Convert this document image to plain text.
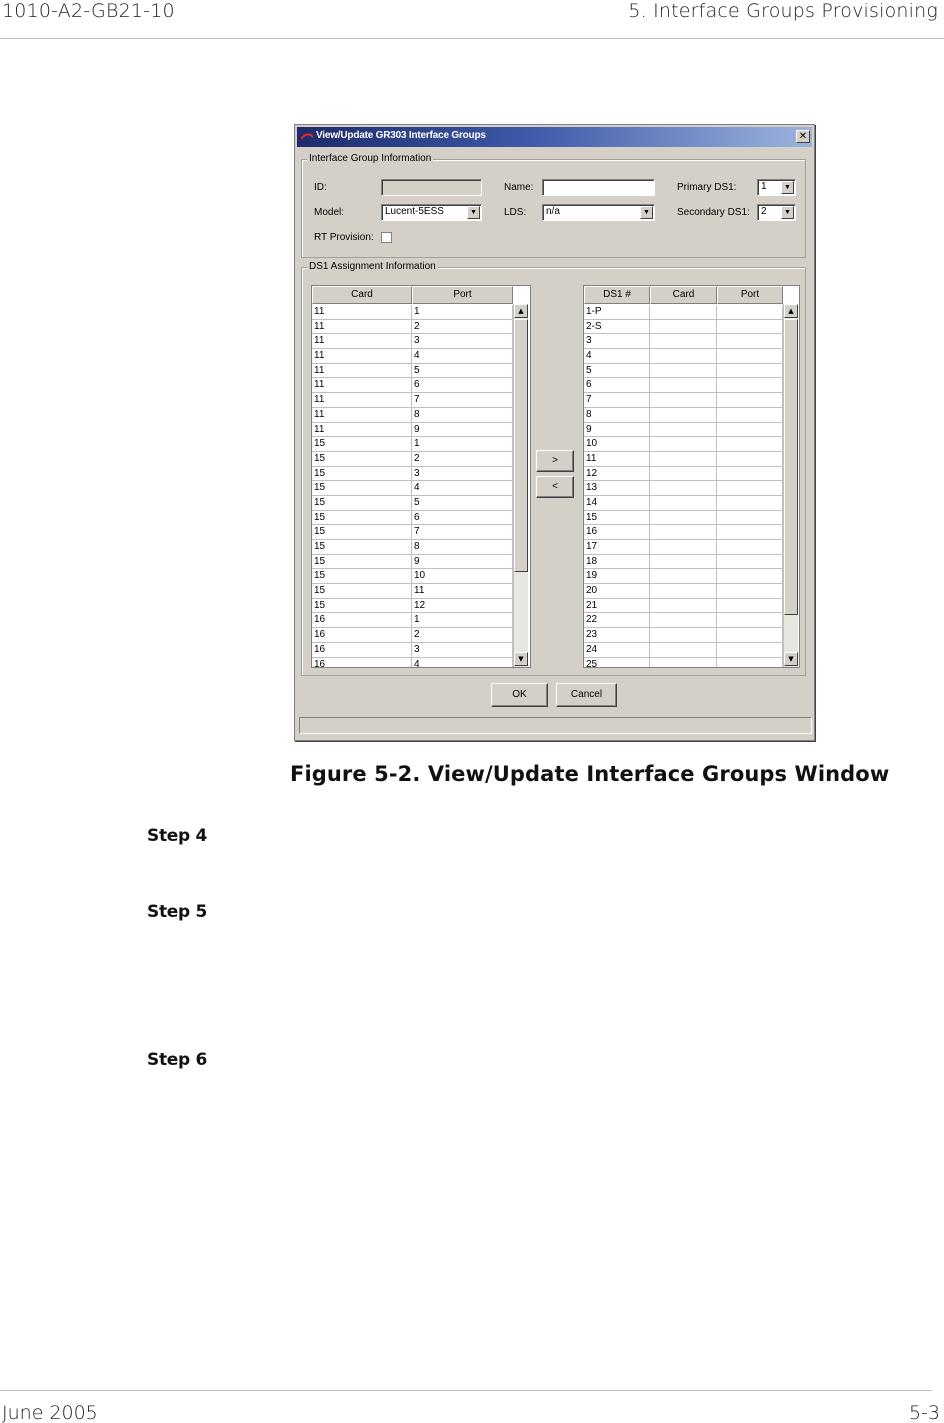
1010-A2-GB21-10	5. Interface Groups Provisioning
View/Update GR303 Interface Groups	✕
Interface Group Information
ID:	Name:	Primary DS1:	1	▼
Model:	Lucent-5ESS	▼	LDS:	n/a	▼	Secondary DS1:	2	▼
RT Provision:
DS1 Assignment Information
Card	Port
11	1
11	2
11	3
11	4
11	5
11	6
11	7
11	8
11	9
15	1
15	2
15	3
15	4
15	5
15	6
15	7
15	8
15	9
15	10
15	11
15	12
16	1
16	2
16	3
16	4
▲
▼
>
<
DS1 #	Card	Port
1-P
2-S
3
4
5
6
7
8
9
10
11
12
13
14
15
16
17
18
19
20
21
22
23
24
25
▲
▼
OK	Cancel
Figure 5-2. View/Update Interface Groups Window
Step 4
Step 5
Step 6
June 2005	5-3
